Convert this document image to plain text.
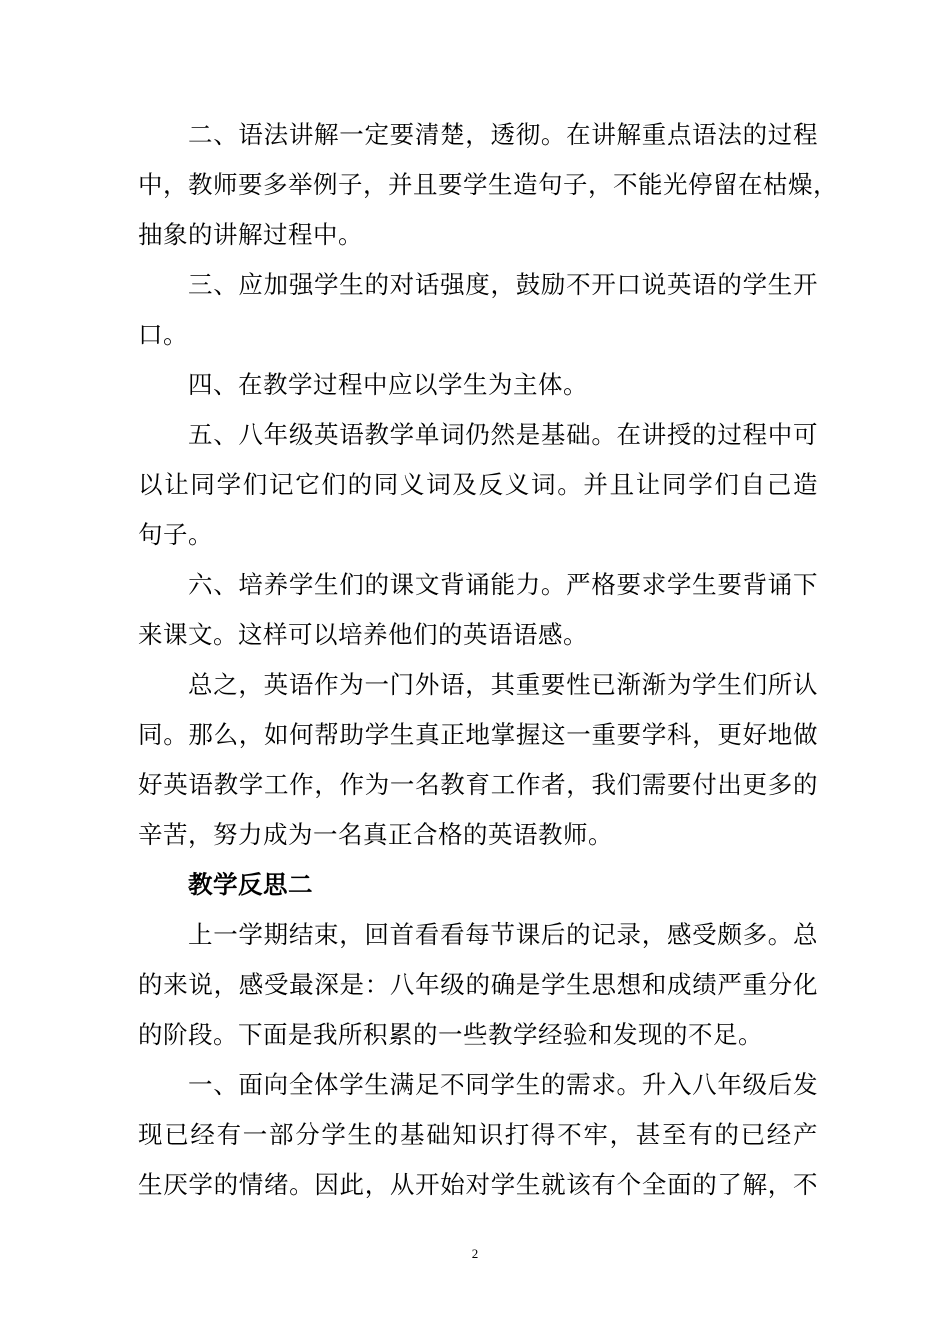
二、语法讲解一定要清楚，透彻。在讲解重点语法的过程
中，教师要多举例子，并且要学生造句子，不能光停留在枯燥，
抽象的讲解过程中。
三、应加强学生的对话强度，鼓励不开口说英语的学生开
口。
四、在教学过程中应以学生为主体。
五、八年级英语教学单词仍然是基础。在讲授的过程中可
以让同学们记它们的同义词及反义词。并且让同学们自己造
句子。
六、培养学生们的课文背诵能力。严格要求学生要背诵下
来课文。这样可以培养他们的英语语感。
总之，英语作为一门外语，其重要性已渐渐为学生们所认
同。那么，如何帮助学生真正地掌握这一重要学科，更好地做
好英语教学工作，作为一名教育工作者，我们需要付出更多的
辛苦，努力成为一名真正合格的英语教师。
教学反思二
上一学期结束，回首看看每节课后的记录，感受颇多。总
的来说，感受最深是：八年级的确是学生思想和成绩严重分化
的阶段。下面是我所积累的一些教学经验和发现的不足。
一、面向全体学生满足不同学生的需求。升入八年级后发
现已经有一部分学生的基础知识打得不牢，甚至有的已经产
生厌学的情绪。因此，从开始对学生就该有个全面的了解，不
2
